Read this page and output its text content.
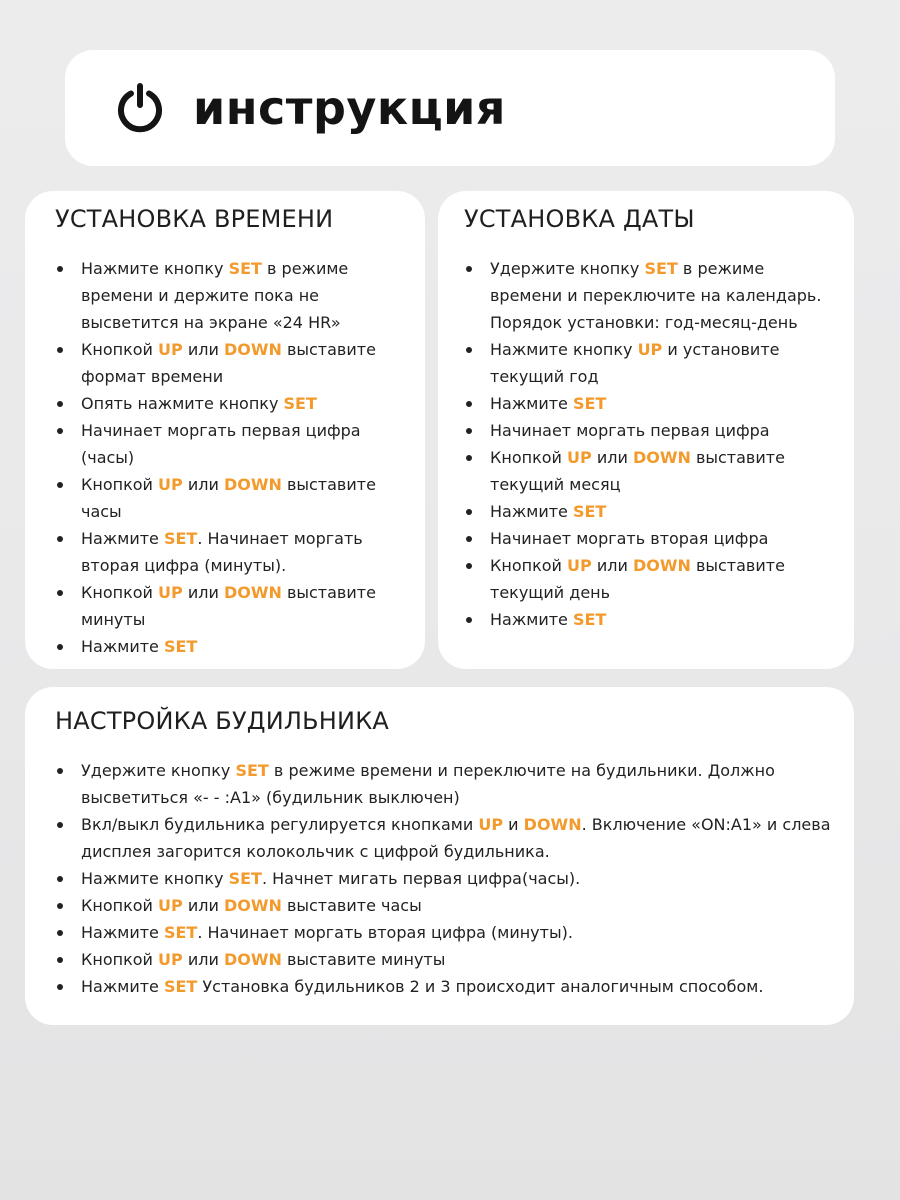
инструкция
УСТАНОВКА ВРЕМЕНИ
Нажмите кнопку SET в режиме времени и держите пока не высветится на экране «24 HR»
Кнопкой UP или DOWN выставите формат времени
Опять нажмите кнопку SET
Начинает моргать первая цифра (часы)
Кнопкой UP или DOWN выставите часы
Нажмите SET. Начинает моргать вторая цифра (минуты).
Кнопкой UP или DOWN выставите минуты
Нажмите SET
УСТАНОВКА ДАТЫ
Удержите кнопку SET в режиме времени и переключите на календарь. Порядок установки: год-месяц-день
Нажмите кнопку UP и установите текущий год
Нажмите SET
Начинает моргать первая цифра
Кнопкой UP или DOWN выставите текущий месяц
Нажмите SET
Начинает моргать вторая цифра
Кнопкой UP или DOWN выставите текущий день
Нажмите SET
НАСТРОЙКА БУДИЛЬНИКА
Удержите кнопку SET в режиме времени и переключите на будильники. Должно высветиться «- - :A1» (будильник выключен)
Вкл/выкл будильника регулируется кнопками UP и DOWN. Включение «ON:A1» и слева дисплея загорится колокольчик с цифрой будильника.
Нажмите кнопку SET. Начнет мигать первая цифра(часы).
Кнопкой UP или DOWN выставите часы
Нажмите SET. Начинает моргать вторая цифра (минуты).
Кнопкой UP или DOWN выставите минуты
Нажмите SET Установка будильников 2 и 3 происходит аналогичным способом.
